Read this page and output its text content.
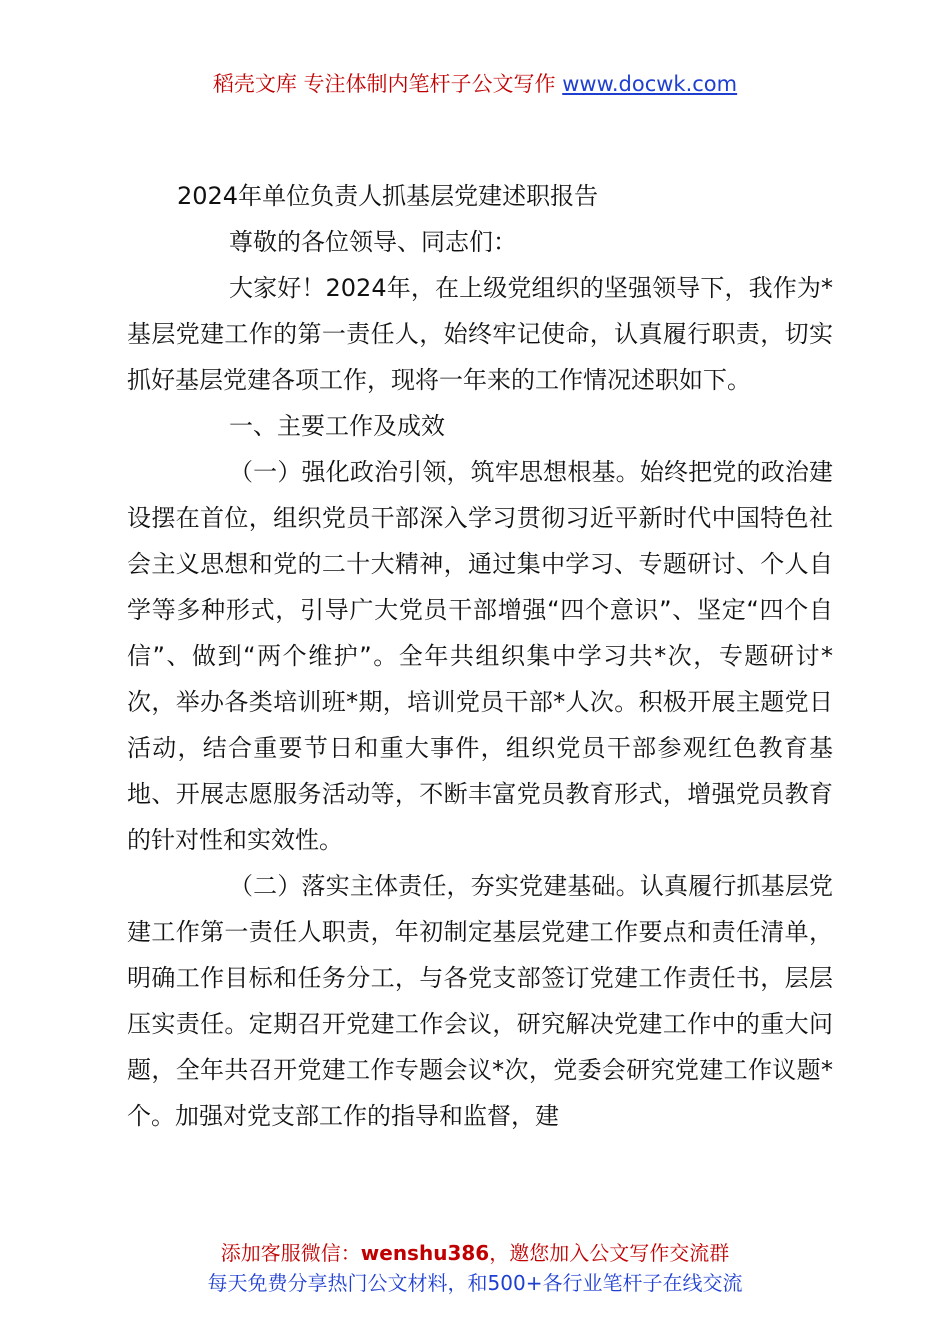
稻壳文库 专注体制内笔杆子公文写作 www.docwk.com

2024年单位负责人抓基层党建述职报告

尊敬的各位领导、同志们：

大家好！2024年，在上级党组织的坚强领导下，我作为*基层党建工作的第一责任人，始终牢记使命，认真履行职责，切实抓好基层党建各项工作，现将一年来的工作情况述职如下。

一、主要工作及成效

（一）强化政治引领，筑牢思想根基。始终把党的政治建设摆在首位，组织党员干部深入学习贯彻习近平新时代中国特色社会主义思想和党的二十大精神，通过集中学习、专题研讨、个人自学等多种形式，引导广大党员干部增强“四个意识”、坚定“四个自信”、做到“两个维护”。全年共组织集中学习共*次，专题研讨*次，举办各类培训班*期，培训党员干部*人次。积极开展主题党日活动，结合重要节日和重大事件，组织党员干部参观红色教育基地、开展志愿服务活动等，不断丰富党员教育形式，增强党员教育的针对性和实效性。

（二）落实主体责任，夯实党建基础。认真履行抓基层党建工作第一责任人职责，年初制定基层党建工作要点和责任清单，明确工作目标和任务分工，与各党支部签订党建工作责任书，层层压实责任。定期召开党建工作会议，研究解决党建工作中的重大问题，全年共召开党建工作专题会议*次，党委会研究党建工作议题*个。加强对党支部工作的指导和监督，建

添加客服微信：wenshu386，邀您加入公文写作交流群
每天免费分享热门公文材料，和500+各行业笔杆子在线交流
